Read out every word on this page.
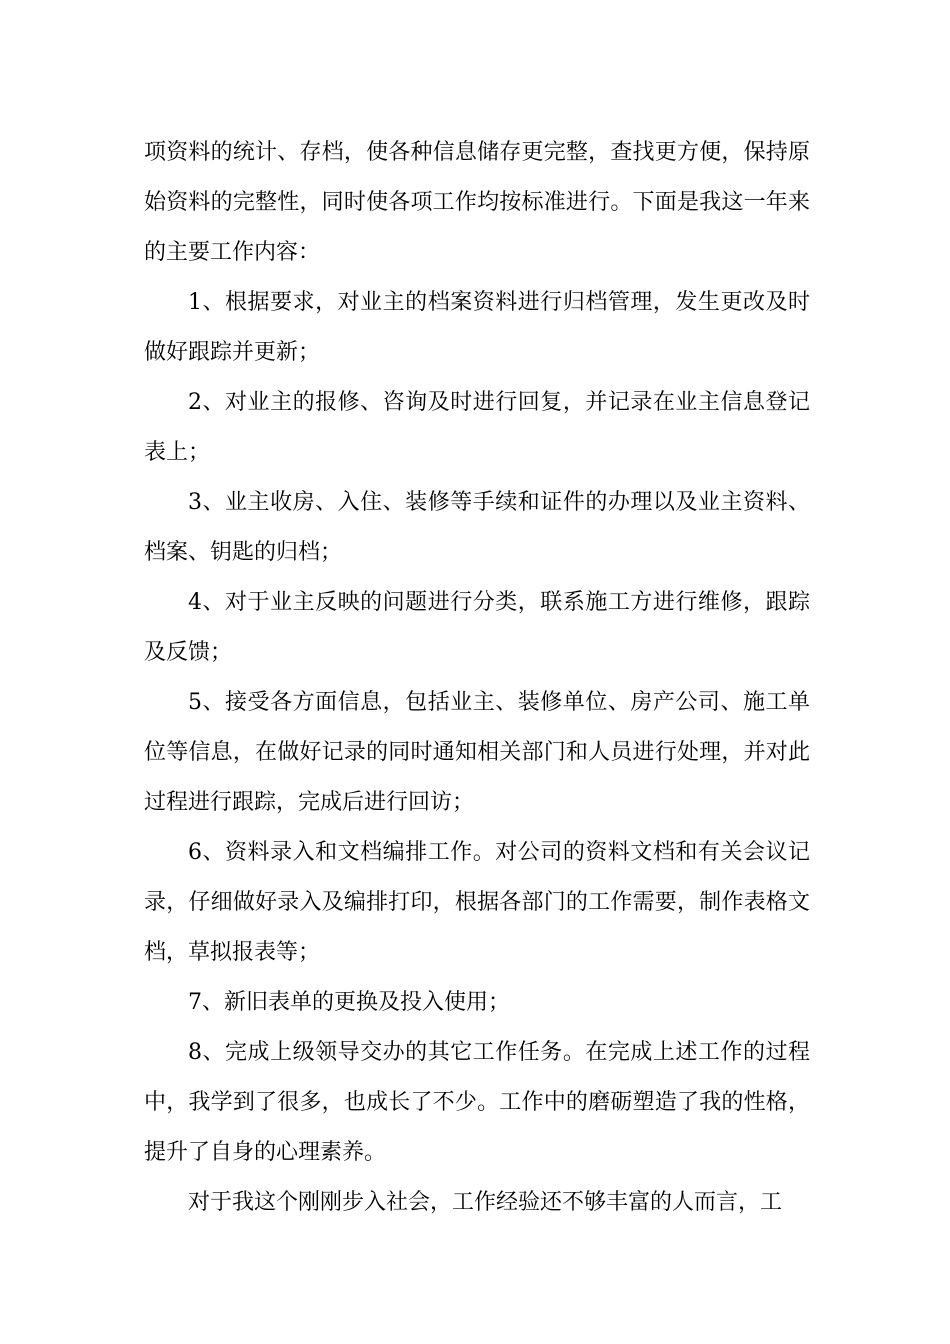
项资料的统计、存档，使各种信息储存更完整，查找更方便，保持原始资料的完整性，同时使各项工作均按标准进行。下面是我这一年来的主要工作内容：

1、根据要求，对业主的档案资料进行归档管理，发生更改及时做好跟踪并更新；

2、对业主的报修、咨询及时进行回复，并记录在业主信息登记表上；

3、业主收房、入住、装修等手续和证件的办理以及业主资料、档案、钥匙的归档；

4、对于业主反映的问题进行分类，联系施工方进行维修，跟踪及反馈；

5、接受各方面信息，包括业主、装修单位、房产公司、施工单位等信息，在做好记录的同时通知相关部门和人员进行处理，并对此过程进行跟踪，完成后进行回访；

6、资料录入和文档编排工作。对公司的资料文档和有关会议记录，仔细做好录入及编排打印，根据各部门的工作需要，制作表格文档，草拟报表等；

7、新旧表单的更换及投入使用；

8、完成上级领导交办的其它工作任务。在完成上述工作的过程中，我学到了很多，也成长了不少。工作中的磨砺塑造了我的性格，提升了自身的心理素养。

对于我这个刚刚步入社会，工作经验还不够丰富的人而言，工
